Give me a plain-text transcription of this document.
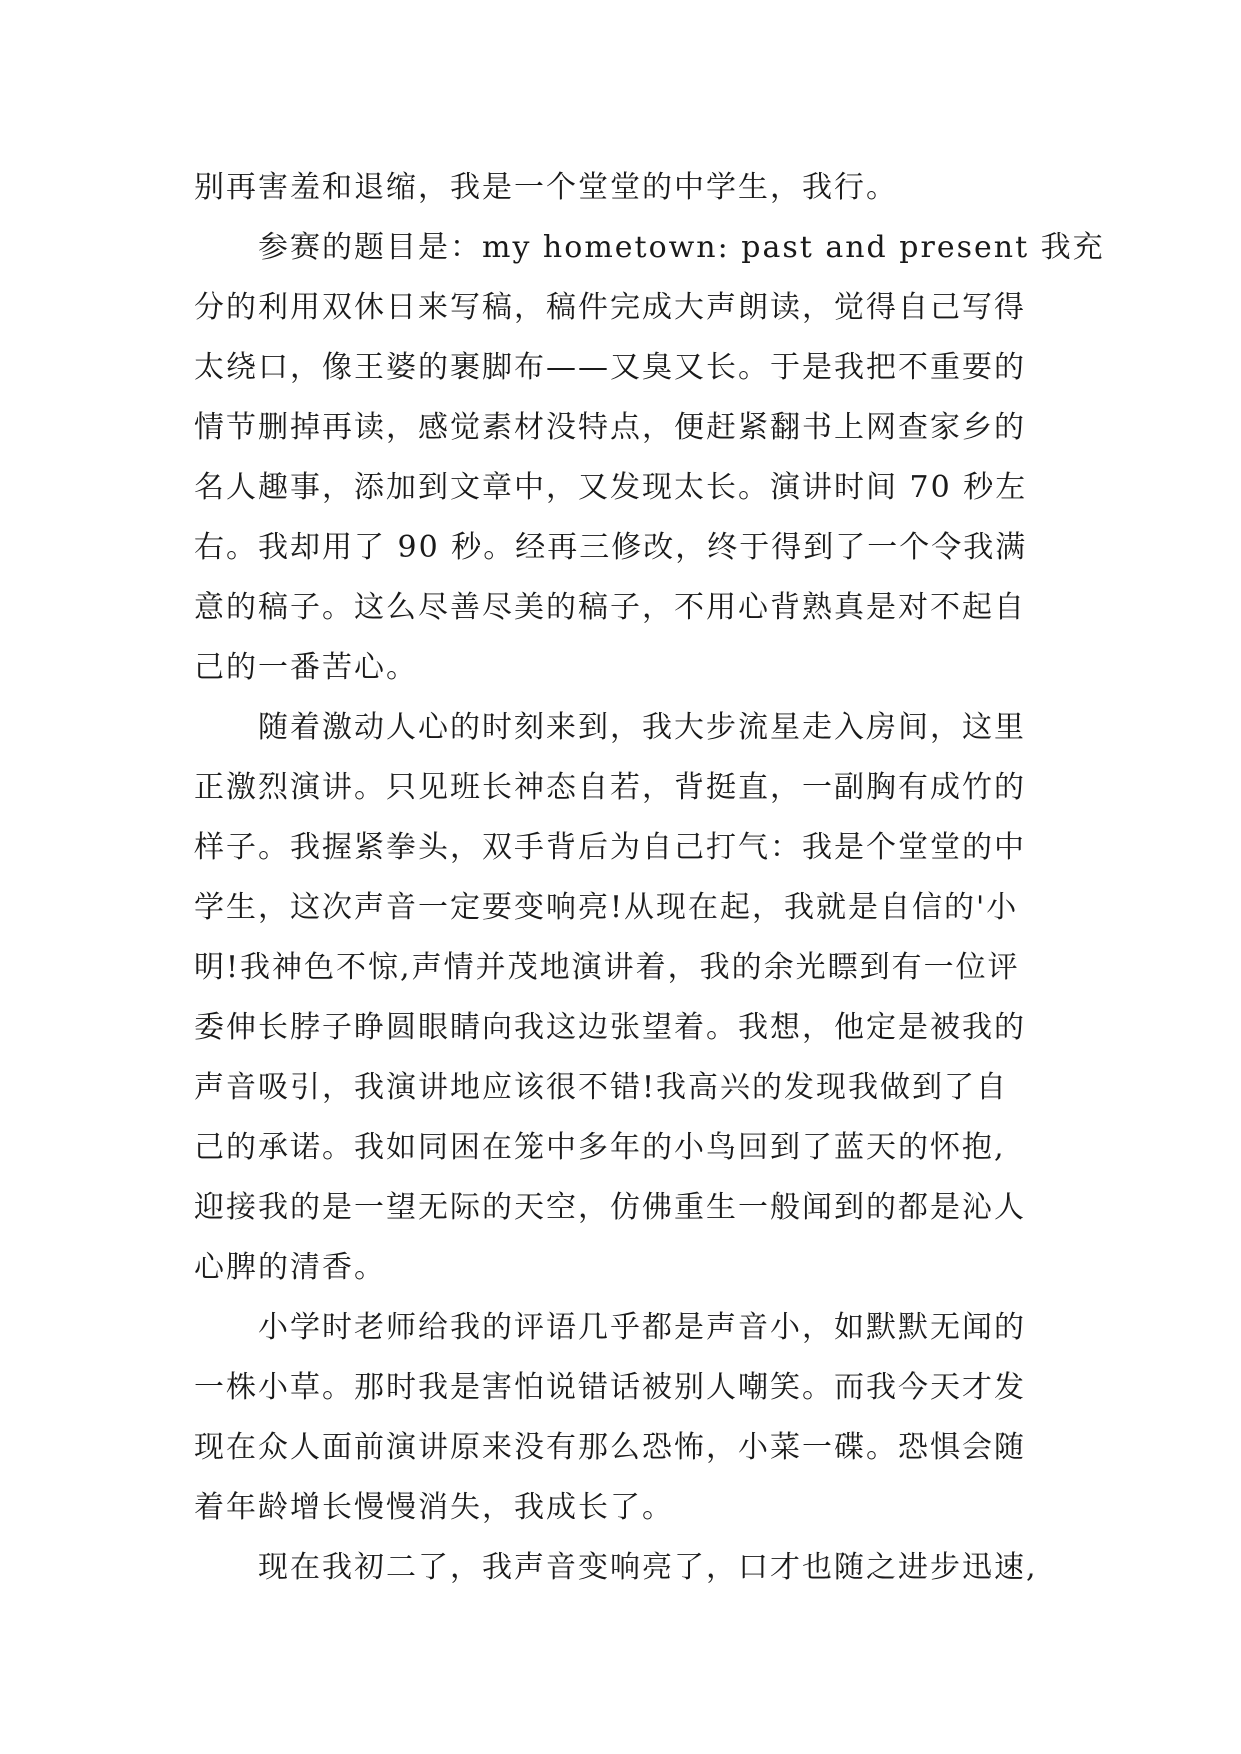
别再害羞和退缩，我是一个堂堂的中学生，我行。
参赛的题目是：my hometown: past and present 我充
分的利用双休日来写稿，稿件完成大声朗读，觉得自己写得
太绕口，像王婆的裹脚布——又臭又长。于是我把不重要的
情节删掉再读，感觉素材没特点，便赶紧翻书上网查家乡的
名人趣事，添加到文章中，又发现太长。演讲时间 70 秒左
右。我却用了 90 秒。经再三修改，终于得到了一个令我满
意的稿子。这么尽善尽美的稿子，不用心背熟真是对不起自
己的一番苦心。
随着激动人心的时刻来到，我大步流星走入房间，这里
正激烈演讲。只见班长神态自若，背挺直，一副胸有成竹的
样子。我握紧拳头，双手背后为自己打气：我是个堂堂的中
学生，这次声音一定要变响亮!从现在起，我就是自信的'小
明!我神色不惊,声情并茂地演讲着，我的余光瞟到有一位评
委伸长脖子睁圆眼睛向我这边张望着。我想，他定是被我的
声音吸引，我演讲地应该很不错!我高兴的发现我做到了自
己的承诺。我如同困在笼中多年的小鸟回到了蓝天的怀抱,
迎接我的是一望无际的天空，仿佛重生一般闻到的都是沁人
心脾的清香。
小学时老师给我的评语几乎都是声音小，如默默无闻的
一株小草。那时我是害怕说错话被别人嘲笑。而我今天才发
现在众人面前演讲原来没有那么恐怖，小菜一碟。恐惧会随
着年龄增长慢慢消失，我成长了。
现在我初二了，我声音变响亮了，口才也随之进步迅速,
